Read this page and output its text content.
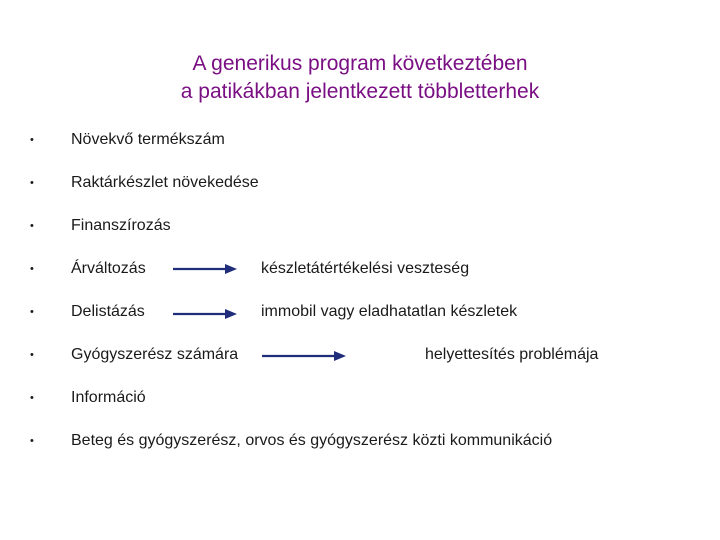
A generikus program következtében
a patikákban jelentkezett többletterhek
• Növekvő termékszám
• Raktárkészlet növekedése
• Finanszírozás
• Árváltozás	készletátértékelési veszteség
• Delistázás	immobil vagy eladhatatlan készletek
• Gyógyszerész számára	helyettesítés problémája
• Információ
• Beteg és gyógyszerész, orvos és gyógyszerész közti kommunikáció
